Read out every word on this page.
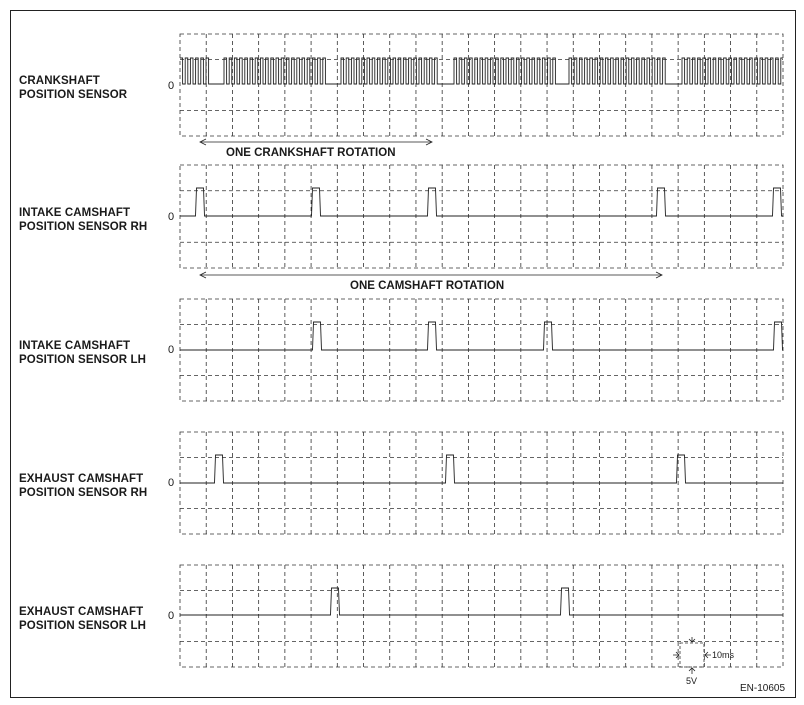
CRANKSHAFT
POSITION SENSOR
INTAKE CAMSHAFT
POSITION SENSOR RH
INTAKE CAMSHAFT
POSITION SENSOR LH
EXHAUST CAMSHAFT
POSITION SENSOR RH
EXHAUST CAMSHAFT
POSITION SENSOR LH
0
0
0
0
0
ONE CRANKSHAFT ROTATION
ONE CAMSHAFT ROTATION
10ms
5V
EN-10605
